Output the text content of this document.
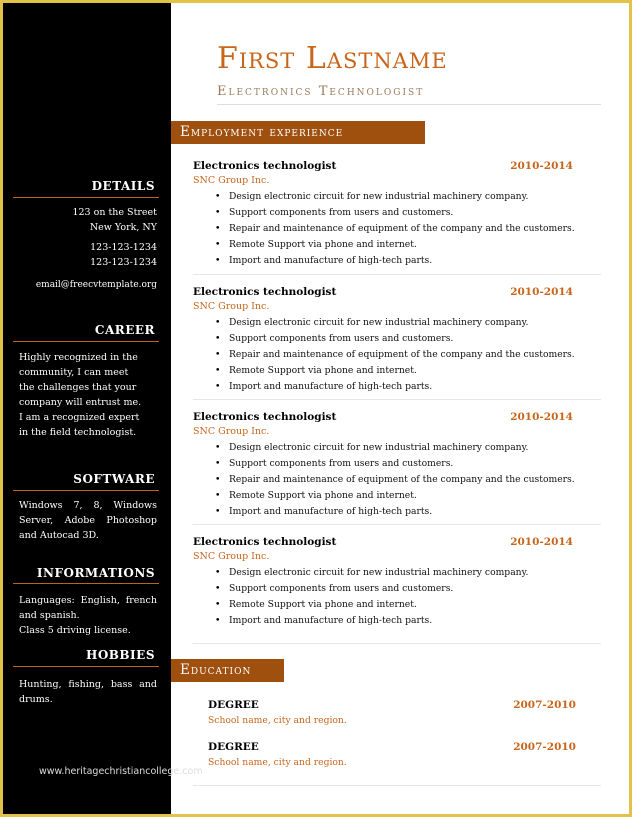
DETAILS
123 on the Street
New York, NY
123-123-1234
123-123-1234
email@freecvtemplate.org
CAREER
Highly recognized in the community, I can meet the challenges that your company will entrust me. I am a recognized expert in the field technologist.
SOFTWARE
Windows 7, 8, Windows Server, Adobe Photoshop and Autocad 3D.
INFORMATIONS
Languages: English, french and spanish.
Class 5 driving license.
HOBBIES
Hunting, fishing, bass and drums.
www.heritagechristiancollege.com
First Lastname
Electronics Technologist
Employment experience
Electronics technologist	2010-2014
SNC Group Inc.
• Design electronic circuit for new industrial machinery company.
• Support components from users and customers.
• Repair and maintenance of equipment of the company and the customers.
• Remote Support via phone and internet.
• Import and manufacture of high-tech parts.
Electronics technologist	2010-2014
SNC Group Inc.
• Design electronic circuit for new industrial machinery company.
• Support components from users and customers.
• Repair and maintenance of equipment of the company and the customers.
• Remote Support via phone and internet.
• Import and manufacture of high-tech parts.
Electronics technologist	2010-2014
SNC Group Inc.
• Design electronic circuit for new industrial machinery company.
• Support components from users and customers.
• Repair and maintenance of equipment of the company and the customers.
• Remote Support via phone and internet.
• Import and manufacture of high-tech parts.
Electronics technologist	2010-2014
SNC Group Inc.
• Design electronic circuit for new industrial machinery company.
• Support components from users and customers.
• Remote Support via phone and internet.
• Import and manufacture of high-tech parts.
Education
DEGREE	2007-2010
School name, city and region.
DEGREE	2007-2010
School name, city and region.
